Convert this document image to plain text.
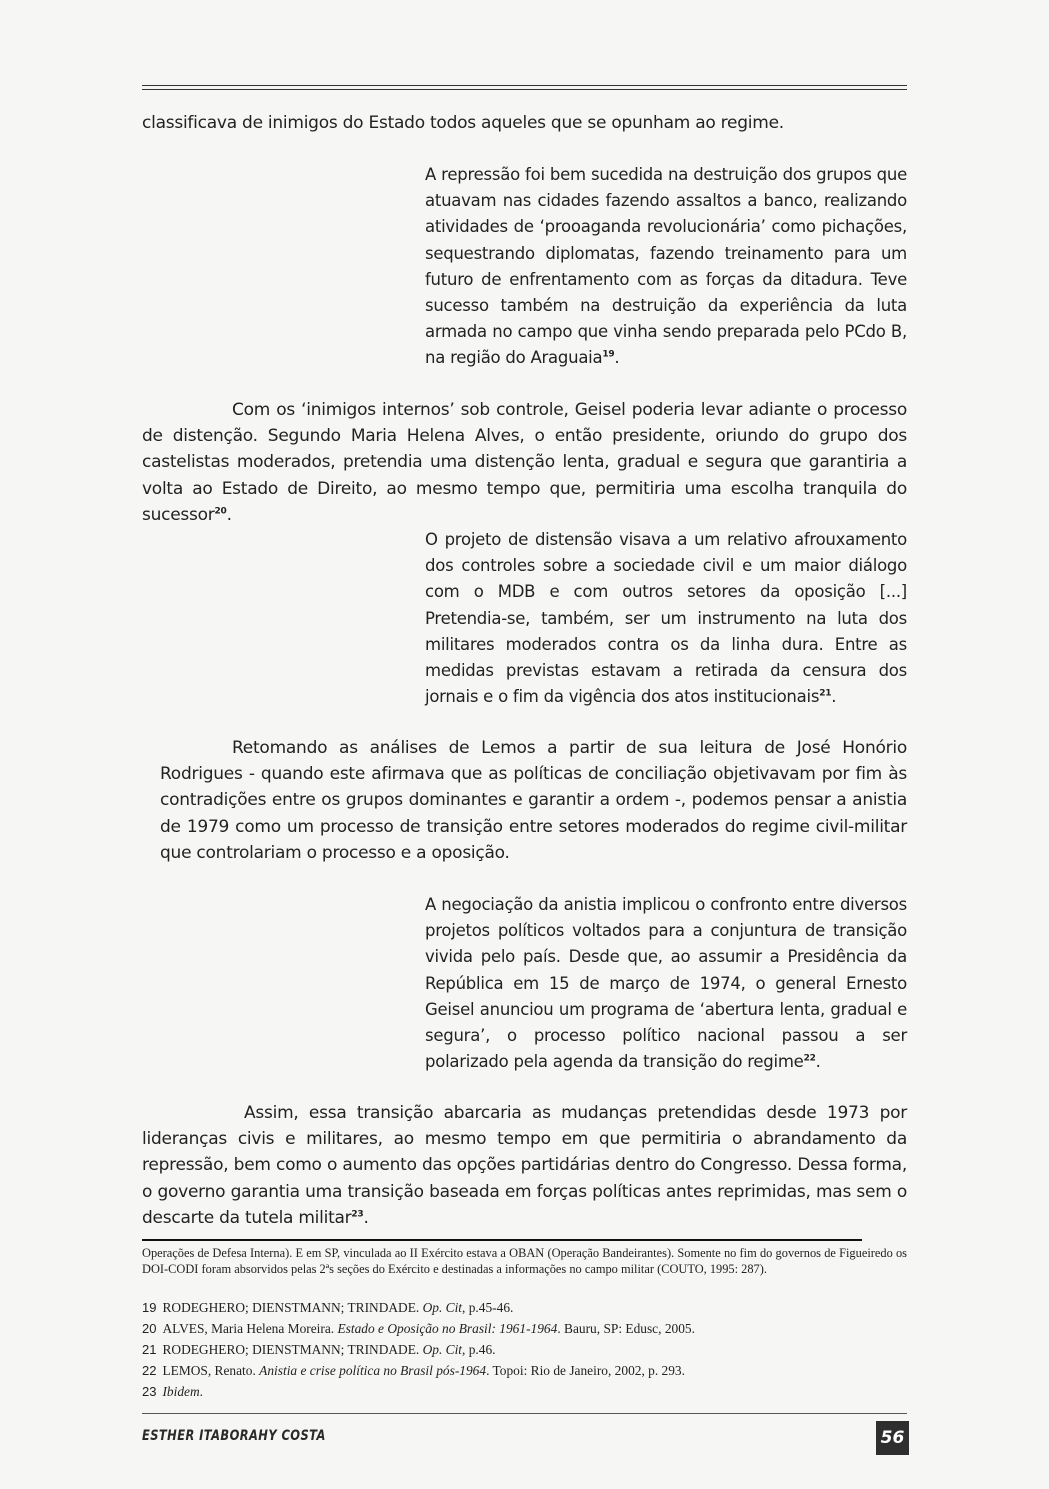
classificava de inimigos do Estado todos aqueles que se opunham ao regime.

A repressão foi bem sucedida na destruição dos grupos que atuavam nas cidades fazendo assaltos a banco, realizando atividades de ‘prooaganda revolucionária’ como pichações, sequestrando diplomatas, fazendo treinamento para um futuro de enfrentamento com as forças da ditadura. Teve sucesso também na destruição da experiência da luta armada no campo que vinha sendo preparada pelo PCdo B, na região do Araguaia$^{19}$.

Com os ‘inimigos internos’ sob controle, Geisel poderia levar adiante o processo de distenção. Segundo Maria Helena Alves, o então presidente, oriundo do grupo dos castelistas moderados, pretendia uma distenção lenta, gradual e segura que garantiria a volta ao Estado de Direito, ao mesmo tempo que, permitiria uma escolha tranquila do sucessor$^{20}$.

O projeto de distensão visava a um relativo afrouxamento dos controles sobre a sociedade civil e um maior diálogo com o MDB e com outros setores da oposição [...] Pretendia-se, também, ser um instrumento na luta dos militares moderados contra os da linha dura. Entre as medidas previstas estavam a retirada da censura dos jornais e o fim da vigência dos atos institucionais$^{21}$.

Retomando as análises de Lemos a partir de sua leitura de José Honório Rodrigues - quando este afirmava que as políticas de conciliação objetivavam por fim às contradições entre os grupos dominantes e garantir a ordem -, podemos pensar a anistia de 1979 como um processo de transição entre setores moderados do regime civil-militar que controlariam o processo e a oposição.

A negociação da anistia implicou o confronto entre diversos projetos políticos voltados para a conjuntura de transição vivida pelo país. Desde que, ao assumir a Presidência da República em 15 de março de 1974, o general Ernesto Geisel anunciou um programa de ‘abertura lenta, gradual e segura’, o processo político nacional passou a ser polarizado pela agenda da transição do regime$^{22}$.

Assim, essa transição abarcaria as mudanças pretendidas desde 1973 por lideranças civis e militares, ao mesmo tempo em que permitiria o abrandamento da repressão, bem como o aumento das opções partidárias dentro do Congresso. Dessa forma, o governo garantia uma transição baseada em forças políticas antes reprimidas, mas sem o descarte da tutela militar$^{23}$.

Operações de Defesa Interna). E em SP, vinculada ao II Exército estava a OBAN (Operação Bandeirantes). Somente no fim do governos de Figueiredo os DOI-CODI foram absorvidos pelas 2ªs seções do Exército e destinadas a informações no campo militar (COUTO, 1995: 287).

19 RODEGHERO; DIENSTMANN; TRINDADE. Op. Cit, p.45-46.

20 ALVES, Maria Helena Moreira. Estado e Oposição no Brasil: 1961-1964. Bauru, SP: Edusc, 2005.

21 RODEGHERO; DIENSTMANN; TRINDADE. Op. Cit, p.46.

22 LEMOS, Renato. Anistia e crise política no Brasil pós-1964. Topoi: Rio de Janeiro, 2002, p. 293.

23 Ibidem.

ESTHER ITABORAHY COSTA	56
